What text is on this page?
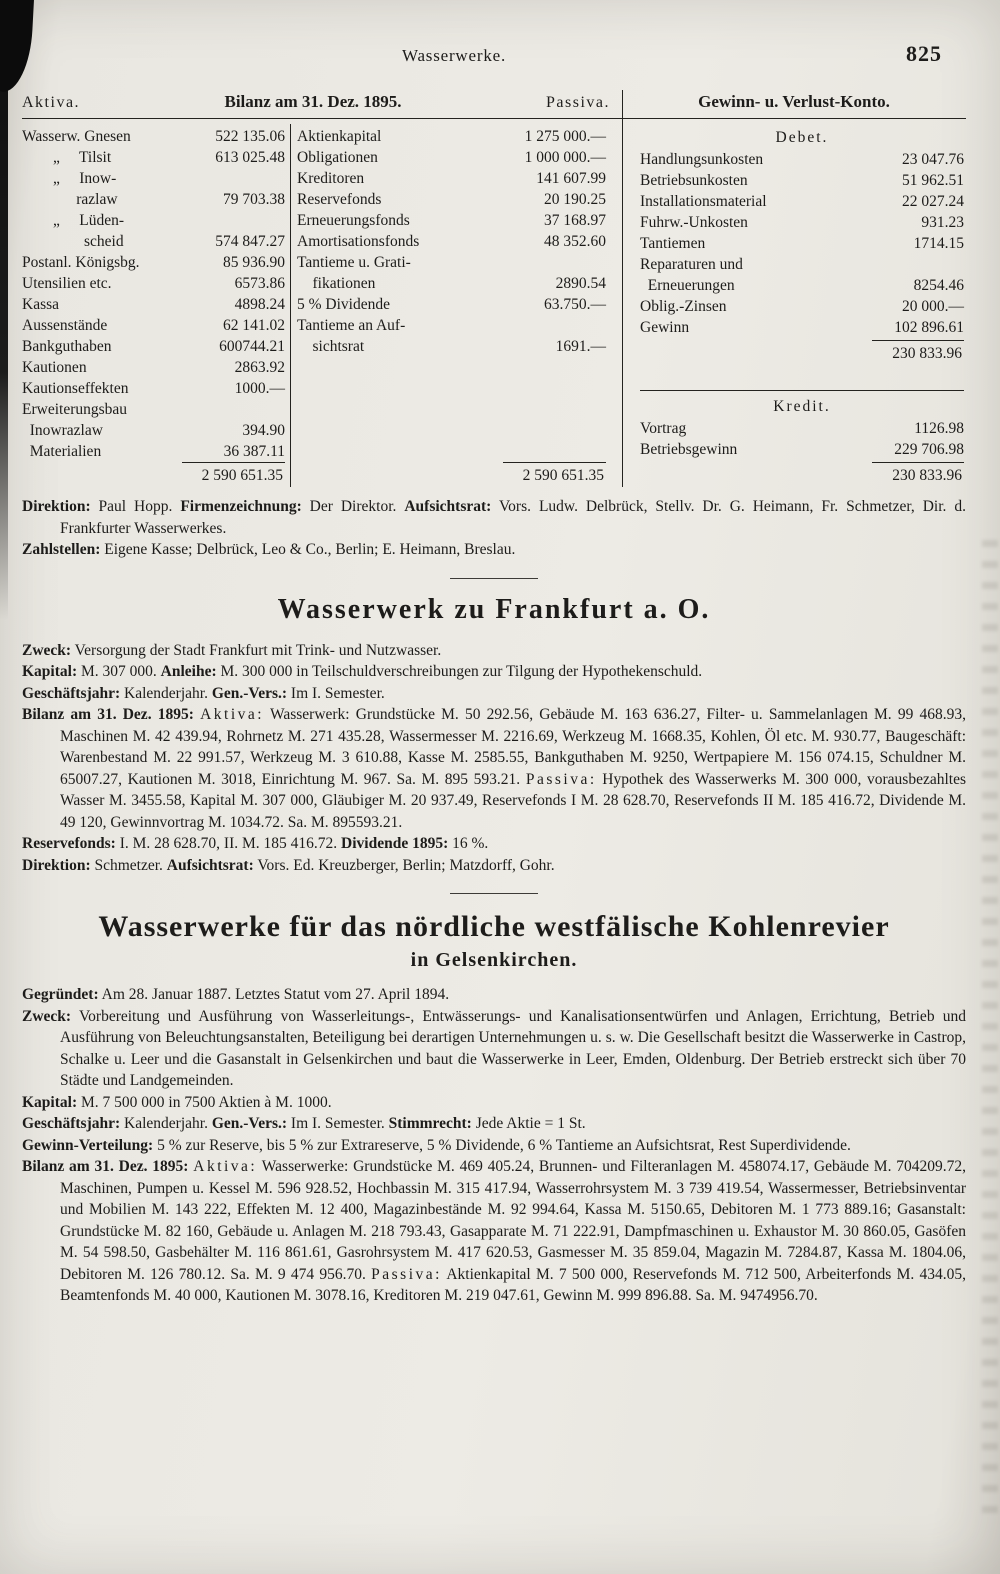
Wasserwerke.	825
Aktiva.	Bilanz am 31. Dez. 1895.	Passiva.	Gewinn- u. Verlust-Konto.
Wasserw. Gnesen	522 135.06
„     Tilsit	613 025.48
„     Inow-
razlaw	79 703.38
„     Lüden-
scheid	574 847.27
Postanl. Königsbg.	85 936.90
Utensilien etc.	6573.86
Kassa	4898.24
Aussenstände	62 141.02
Bankguthaben	600744.21
Kautionen	2863.92
Kautionseffekten	1000.—
Erweiterungsbau
Inowrazlaw	394.90
Materialien	36 387.11
2 590 651.35
Aktienkapital	1 275 000.—
Obligationen	1 000 000.—
Kreditoren	141 607.99
Reservefonds	20 190.25
Erneuerungsfonds	37 168.97
Amortisationsfonds	48 352.60
Tantieme u. Grati-
fikationen	2890.54
5 % Dividende	63.750.—
Tantieme an Auf-
sichtsrat	1691.—
2 590 651.35
Debet.
Handlungsunkosten	23 047.76
Betriebsunkosten	51 962.51
Installationsmaterial	22 027.24
Fuhrw.-Unkosten	931.23
Tantiemen	1714.15
Reparaturen und
Erneuerungen	8254.46
Oblig.-Zinsen	20 000.—
Gewinn	102 896.61
230 833.96
Kredit.
Vortrag	1126.98
Betriebsgewinn	229 706.98
230 833.96

Direktion: Paul Hopp. Firmenzeichnung: Der Direktor. Aufsichtsrat: Vors. Ludw. Delbrück, Stellv. Dr. G. Heimann, Fr. Schmetzer, Dir. d. Frankfurter Wasserwerkes.

Zahlstellen: Eigene Kasse; Delbrück, Leo & Co., Berlin; E. Heimann, Breslau.

Wasserwerk zu Frankfurt a. O.

Zweck: Versorgung der Stadt Frankfurt mit Trink- und Nutzwasser.

Kapital: M. 307 000. Anleihe: M. 300 000 in Teilschuldverschreibungen zur Tilgung der Hypothekenschuld.

Geschäftsjahr: Kalenderjahr. Gen.-Vers.: Im I. Semester.

Bilanz am 31. Dez. 1895: Aktiva: Wasserwerk: Grundstücke M. 50 292.56, Gebäude M. 163 636.27, Filter- u. Sammelanlagen M. 99 468.93, Maschinen M. 42 439.94, Rohrnetz M. 271 435.28, Wassermesser M. 2216.69, Werkzeug M. 1668.35, Kohlen, Öl etc. M. 930.77, Baugeschäft: Warenbestand M. 22 991.57, Werkzeug M. 3 610.88, Kasse M. 2585.55, Bankguthaben M. 9250, Wertpapiere M. 156 074.15, Schuldner M. 65007.27, Kautionen M. 3018, Einrichtung M. 967. Sa. M. 895 593.21. Passiva: Hypothek des Wasserwerks M. 300 000, vorausbezahltes Wasser M. 3455.58, Kapital M. 307 000, Gläubiger M. 20 937.49, Reservefonds I M. 28 628.70, Reservefonds II M. 185 416.72, Dividende M. 49 120, Gewinnvortrag M. 1034.72. Sa. M. 895593.21.

Reservefonds: I. M. 28 628.70, II. M. 185 416.72. Dividende 1895: 16 %.

Direktion: Schmetzer. Aufsichtsrat: Vors. Ed. Kreuzberger, Berlin; Matzdorff, Gohr.

Wasserwerke für das nördliche westfälische Kohlenrevier
in Gelsenkirchen.

Gegründet: Am 28. Januar 1887. Letztes Statut vom 27. April 1894.

Zweck: Vorbereitung und Ausführung von Wasserleitungs-, Entwässerungs- und Kanalisationsentwürfen und Anlagen, Errichtung, Betrieb und Ausführung von Beleuchtungsanstalten, Beteiligung bei derartigen Unternehmungen u. s. w. Die Gesellschaft besitzt die Wasserwerke in Castrop, Schalke u. Leer und die Gasanstalt in Gelsenkirchen und baut die Wasserwerke in Leer, Emden, Oldenburg. Der Betrieb erstreckt sich über 70 Städte und Landgemeinden.

Kapital: M. 7 500 000 in 7500 Aktien à M. 1000.

Geschäftsjahr: Kalenderjahr. Gen.-Vers.: Im I. Semester. Stimmrecht: Jede Aktie = 1 St.

Gewinn-Verteilung: 5 % zur Reserve, bis 5 % zur Extrareserve, 5 % Dividende, 6 % Tantieme an Aufsichtsrat, Rest Superdividende.

Bilanz am 31. Dez. 1895: Aktiva: Wasserwerke: Grundstücke M. 469 405.24, Brunnen- und Filteranlagen M. 458074.17, Gebäude M. 704209.72, Maschinen, Pumpen u. Kessel M. 596 928.52, Hochbassin M. 315 417.94, Wasserrohrsystem M. 3 739 419.54, Wassermesser, Betriebsinventar und Mobilien M. 143 222, Effekten M. 12 400, Magazinbestände M. 92 994.64, Kassa M. 5150.65, Debitoren M. 1 773 889.16; Gasanstalt: Grundstücke M. 82 160, Gebäude u. Anlagen M. 218 793.43, Gasapparate M. 71 222.91, Dampfmaschinen u. Exhaustor M. 30 860.05, Gasöfen M. 54 598.50, Gasbehälter M. 116 861.61, Gasrohrsystem M. 417 620.53, Gasmesser M. 35 859.04, Magazin M. 7284.87, Kassa M. 1804.06, Debitoren M. 126 780.12. Sa. M. 9 474 956.70. Passiva: Aktienkapital M. 7 500 000, Reservefonds M. 712 500, Arbeiterfonds M. 434.05, Beamtenfonds M. 40 000, Kautionen M. 3078.16, Kreditoren M. 219 047.61, Gewinn M. 999 896.88. Sa. M. 9474956.70.
